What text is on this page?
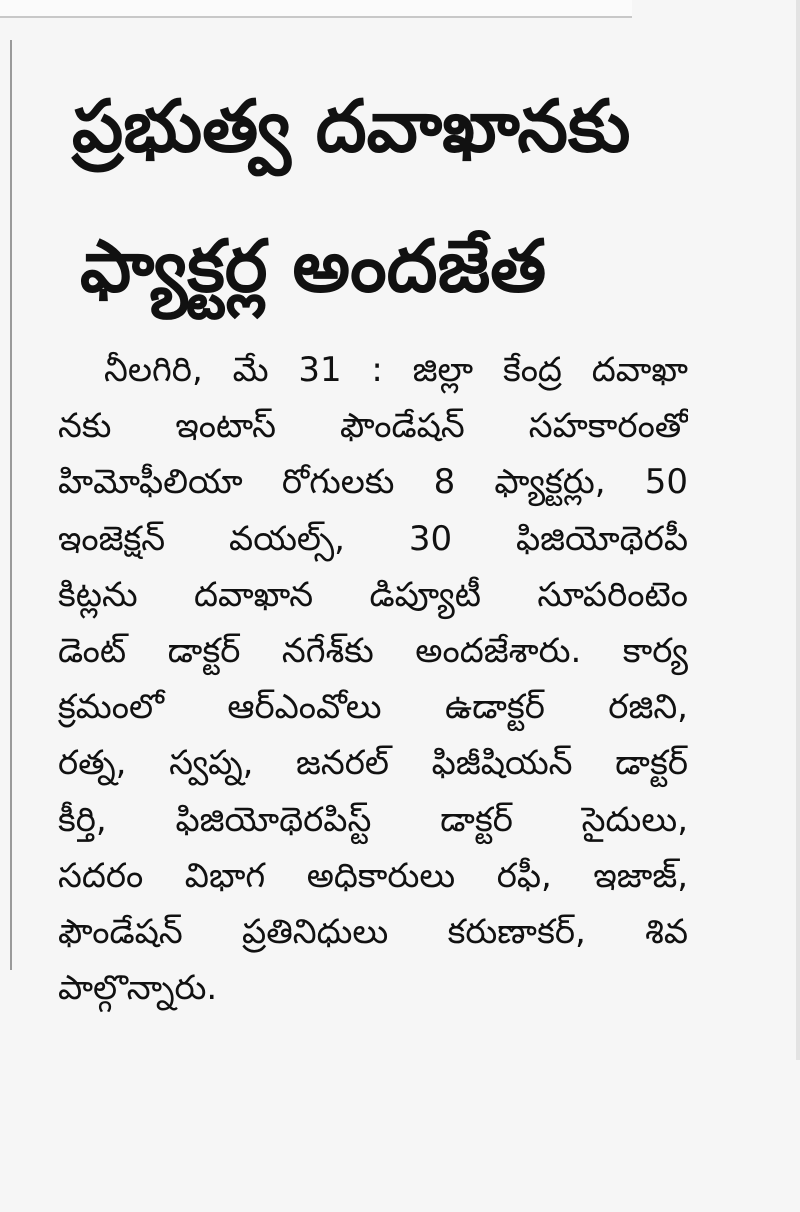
ప్రభుత్వ దవాఖానకు
ఫ్యాక్టర్ల అందజేత
నీలగిరి, మే 31 : జిల్లా కేంద్ర దవాఖా
నకు ఇంటాస్ ఫౌండేషన్ సహకారంతో
హిమోఫీలియా రోగులకు 8 ఫ్యాక్టర్లు, 50
ఇంజెక్షన్ వయల్స్, 30 ఫిజియోథెరపీ
కిట్లను దవాఖాన డిప్యూటీ సూపరింటెం
డెంట్ డాక్టర్ నగేశ్‌కు అందజేశారు. కార్య
క్రమంలో ఆర్‌ఎంవోలు ఉడాక్టర్ రజిని,
రత్న, స్వప్న, జనరల్ ఫిజీషియన్ డాక్టర్
కీర్తి, ఫిజియోథెరపిస్ట్ డాక్టర్ సైదులు,
సదరం విభాగ అధికారులు రఫీ, ఇజాజ్,
ఫౌండేషన్ ప్రతినిధులు కరుణాకర్, శివ
పాల్గొన్నారు.
